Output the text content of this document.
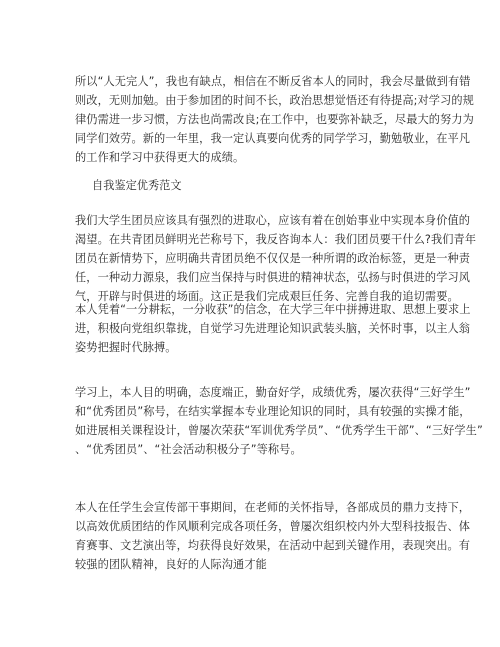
所以“人无完人”，我也有缺点，相信在不断反省本人的同时，我会尽量做到有错
则改，无则加勉。由于参加团的时间不长，政治思想觉悟还有待提高;对学习的规
律仍需进一步习惯，方法也尚需改良;在工作中，也要弥补缺乏，尽最大的努力为
同学们效劳。新的一年里，我一定认真要向优秀的同学学习，勤勉敬业，在平凡
的工作和学习中获得更大的成绩。

自我鉴定优秀范文

我们大学生团员应该具有强烈的进取心，应该有着在创始事业中实现本身价值的
渴望。在共青团员鲜明光芒称号下，我反咨询本人：我们团员要干什么?我们青年
团员在新情势下，应明确共青团员绝不仅仅是一种所谓的政治标签，更是一种责
任，一种动力源泉，我们应当保持与时俱进的精神状态，弘扬与时俱进的学习风
气，开辟与时俱进的场面。这正是我们完成艰巨任务、完善自我的追切需要。

本人凭着“一分耕耘，一分收获”的信念，在大学三年中拼搏进取、思想上要求上
进，积极向党组织靠拢，自觉学习先进理论知识武装头脑，关怀时事，以主人翁
姿势把握时代脉搏。

学习上，本人目的明确，态度端正，勤奋好学，成绩优秀，屡次获得“三好学生”
和“优秀团员”称号，在结实掌握本专业理论知识的同时，具有较强的实操才能，
如进展相关课程设计，曾屡次荣获“军训优秀学员”、“优秀学生干部”、“三好学生”
、“优秀团员”、“社会活动积极分子”等称号。

本人在任学生会宣传部干事期间，在老师的关怀指导，各部成员的鼎力支持下，
以高效优质团结的作风顺利完成各项任务，曾屡次组织校内外大型科技报告、体
育赛事、文艺演出等，均获得良好效果，在活动中起到关键作用，表现突出。有
较强的团队精神，良好的人际沟通才能
